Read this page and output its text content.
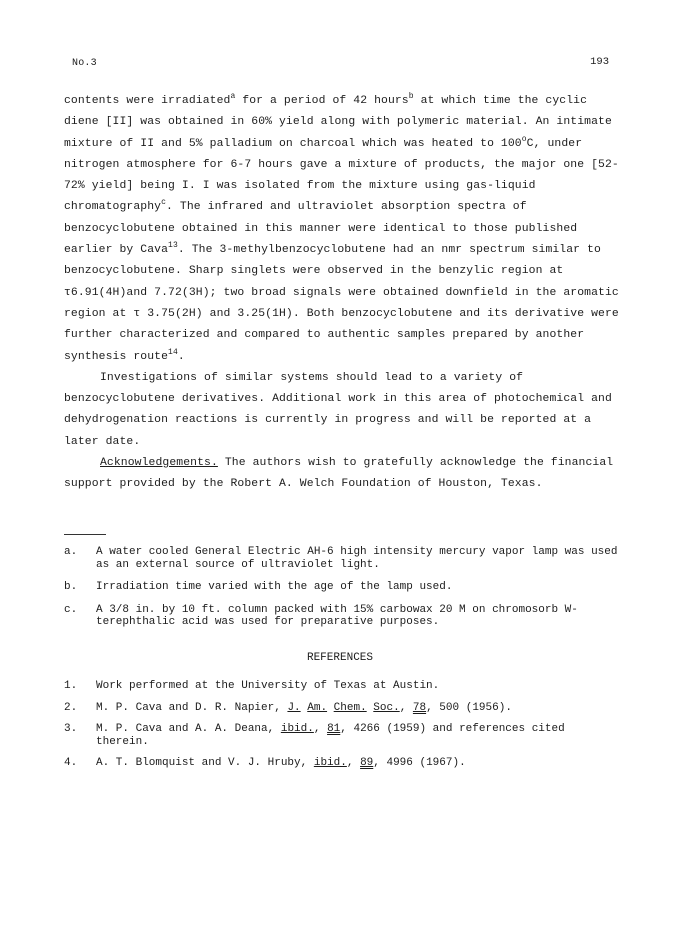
No.3	193

contents were irradiated$^a$ for a period of 42 hours$^b$ at which time the cyclic diene [II] was obtained in 60% yield along with polymeric material. An intimate mixture of II and 5% palladium on charcoal which was heated to 100$^o$C, under nitrogen atmosphere for 6-7 hours gave a mixture of products, the major one [52-72% yield] being I. I was isolated from the mixture using gas-liquid chromatography$^c$. The infrared and ultraviolet absorption spectra of benzocyclobutene obtained in this manner were identical to those published earlier by Cava$^{13}$. The 3-methylbenzocyclobutene had an nmr spectrum similar to benzocyclobutene. Sharp singlets were observed in the benzylic region at τ6.91(4H)and 7.72(3H); two broad signals were obtained downfield in the aromatic region at τ 3.75(2H) and 3.25(1H). Both benzocyclobutene and its derivative were further characterized and compared to authentic samples prepared by another synthesis route$^{14}$.

Investigations of similar systems should lead to a variety of benzocyclobutene derivatives. Additional work in this area of photochemical and dehydrogenation reactions is currently in progress and will be reported at a later date.

Acknowledgements. The authors wish to gratefully acknowledge the financial support provided by the Robert A. Welch Foundation of Houston, Texas.

a.	A water cooled General Electric AH-6 high intensity mercury vapor lamp was used as an external source of ultraviolet light.
b.	Irradiation time varied with the age of the lamp used.
c.	A 3/8 in. by 10 ft. column packed with 15% carbowax 20 M on chromosorb W-terephthalic acid was used for preparative purposes.
REFERENCES
1.	Work performed at the University of Texas at Austin.
2.	M. P. Cava and D. R. Napier, J. Am. Chem. Soc., 78, 500 (1956).
3.	M. P. Cava and A. A. Deana, ibid., 81, 4266 (1959) and references cited therein.
4.	A. T. Blomquist and V. J. Hruby, ibid., 89, 4996 (1967).
